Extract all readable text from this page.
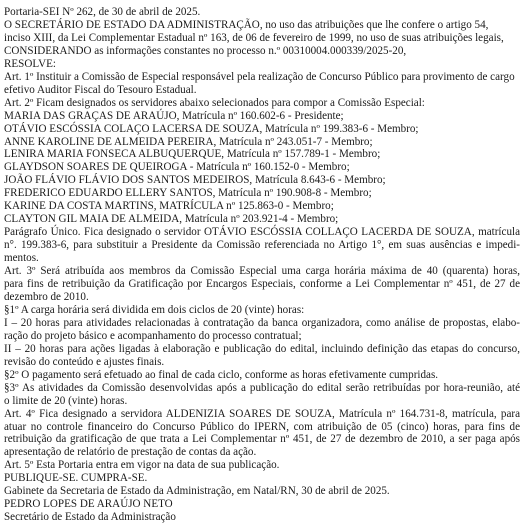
Portaria-SEI Nº 262, de 30 de abril de 2025.
O SECRETÁRIO DE ESTADO DA ADMINISTRAÇÃO, no uso das atribuições que lhe confere o artigo 54,
inciso XIII, da Lei Complementar Estadual nº 163, de 06 de fevereiro de 1999, no uso de suas atribuições legais,
CONSIDERANDO as informações constantes no processo n.º 00310004.000339/2025-20,
RESOLVE:
Art. 1º Instituir a Comissão de Especial responsável pela realização de Concurso Público para provimento de cargo
efetivo Auditor Fiscal do Tesouro Estadual.
Art. 2º Ficam designados os servidores abaixo selecionados para compor a Comissão Especial:
MARIA DAS GRAÇAS DE ARAÚJO, Matrícula nº 160.602-6 - Presidente;
OTÁVIO ESCÓSSIA COLAÇO LACERSA DE SOUZA, Matrícula nº 199.383-6 - Membro;
ANNE KAROLINE DE ALMEIDA PEREIRA, Matrícula nº 243.051-7 - Membro;
LENIRA MARIA FONSECA ALBUQUERQUE, Matrícula nº 157.789-1 - Membro;
GLAYDSON SOARES DE QUEIROGA - Matrícula nº 160.152-0 - Membro;
JOÃO FLÁVIO FLÁVIO DOS SANTOS MEDEIROS, Matrícula 8.643-6 - Membro;
FREDERICO EDUARDO ELLERY SANTOS, Matrícula nº 190.908-8 - Membro;
KARINE DA COSTA MARTINS, MATRÍCULA nº 125.863-0 - Membro;
CLAYTON GIL MAIA DE ALMEIDA, Matrícula nº 203.921-4 - Membro;
Parágrafo Único. Fica designado o servidor OTÁVIO ESCÓSSIA COLLAÇO LACERDA DE SOUZA, matrícula
n°. 199.383-6, para substituir a Presidente da Comissão referenciada no Artigo 1°, em suas ausências e impedi-
mentos.
Art. 3º Será atribuída aos membros da Comissão Especial uma carga horária máxima de 40 (quarenta) horas,
para fins de retribuição da Gratificação por Encargos Especiais, conforme a Lei Complementar nº 451, de 27 de
dezembro de 2010.
§1º A carga horária será dividida em dois ciclos de 20 (vinte) horas:
I – 20 horas para atividades relacionadas à contratação da banca organizadora, como análise de propostas, elabo-
ração do projeto básico e acompanhamento do processo contratual;
II – 20 horas para ações ligadas à elaboração e publicação do edital, incluindo definição das etapas do concurso,
revisão do conteúdo e ajustes finais.
§2º O pagamento será efetuado ao final de cada ciclo, conforme as horas efetivamente cumpridas.
§3º As atividades da Comissão desenvolvidas após a publicação do edital serão retribuídas por hora-reunião, até
o limite de 20 (vinte) horas.
Art. 4º Fica designado a servidora ALDENIZIA SOARES DE SOUZA, Matrícula nº 164.731-8, matrícula, para
atuar no controle financeiro do Concurso Público do IPERN, com atribuição de 05 (cinco) horas, para fins de
retribuição da gratificação de que trata a Lei Complementar nº 451, de 27 de dezembro de 2010, a ser paga após
apresentação de relatório de prestação de contas da ação.
Art. 5º Esta Portaria entra em vigor na data de sua publicação.
PUBLIQUE-SE. CUMPRA-SE.
Gabinete da Secretaria de Estado da Administração, em Natal/RN, 30 de abril de 2025.
PEDRO LOPES DE ARAÚJO NETO
Secretário de Estado da Administração
